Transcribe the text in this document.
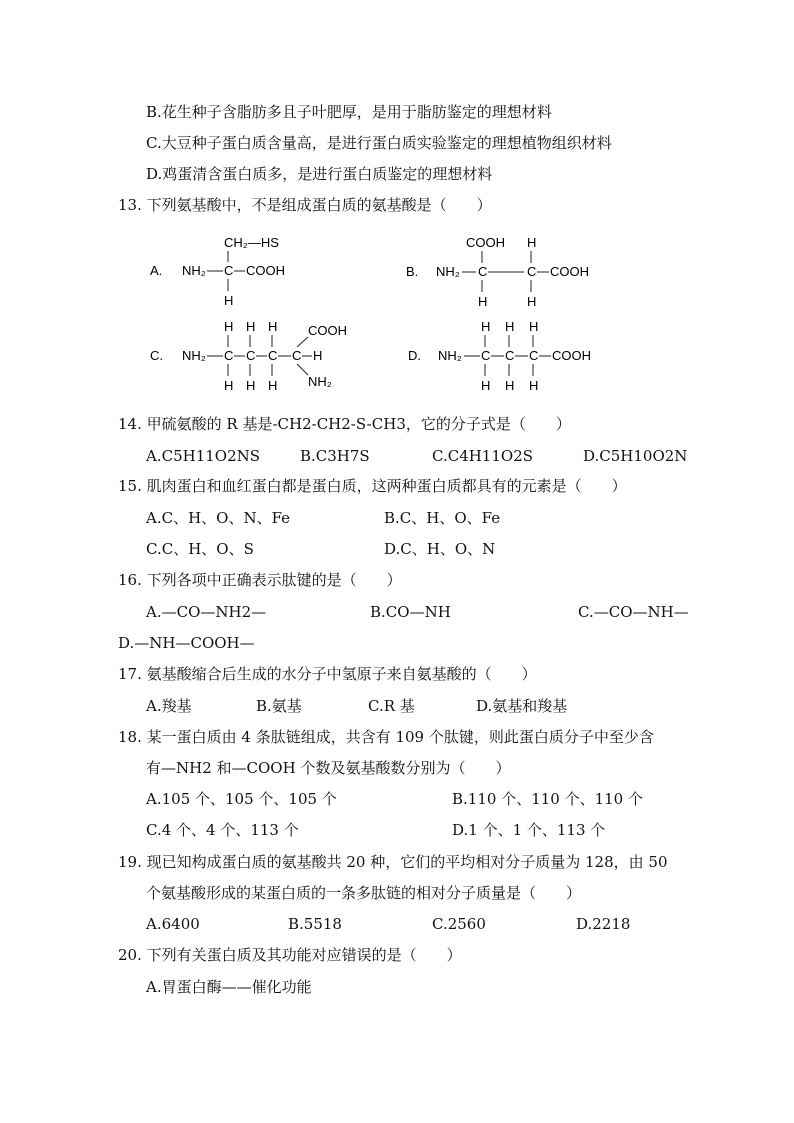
B.花生种子含脂肪多且子叶肥厚，是用于脂肪鉴定的理想材料
C.大豆种子蛋白质含量高，是进行蛋白质实验鉴定的理想植物组织材料
D.鸡蛋清含蛋白质多，是进行蛋白质鉴定的理想材料
13. 下列氨基酸中，不是组成蛋白质的氨基酸是（　　）
A.
CH₂—HS
NH₂ C COOH
H
B.
COOH H
NH₂ C	C COOH
H	H
C.
H H H COOH
NH₂ C C C C H
H H H NH₂
D.
H H H
NH₂ C C C COOH
H H H
14. 甲硫氨酸的 R 基是-CH2-CH2-S-CH3，它的分子式是（　　）
A.C5H11O2NS	B.C3H7S	C.C4H11O2S	D.C5H10O2N
15. 肌肉蛋白和血红蛋白都是蛋白质，这两种蛋白质都具有的元素是（　　）
A.C、H、O、N、Fe	B.C、H、O、Fe
C.C、H、O、S	D.C、H、O、N
16. 下列各项中正确表示肽键的是（　　）
A.—CO—NH2—	B.CO—NH	C.—CO—NH—
D.—NH—COOH—
17. 氨基酸缩合后生成的水分子中氢原子来自氨基酸的（　　）
A.羧基	B.氨基	C.R 基	D.氨基和羧基
18. 某一蛋白质由 4 条肽链组成，共含有 109 个肽键，则此蛋白质分子中至少含
有—NH2 和—COOH 个数及氨基酸数分别为（　　）
A.105 个、105 个、105 个	B.110 个、110 个、110 个
C.4 个、4 个、113 个	D.1 个、1 个、113 个
19. 现已知构成蛋白质的氨基酸共 20 种，它们的平均相对分子质量为 128，由 50
个氨基酸形成的某蛋白质的一条多肽链的相对分子质量是（　　）
A.6400	B.5518	C.2560	D.2218
20. 下列有关蛋白质及其功能对应错误的是（　　）
A.胃蛋白酶——催化功能
